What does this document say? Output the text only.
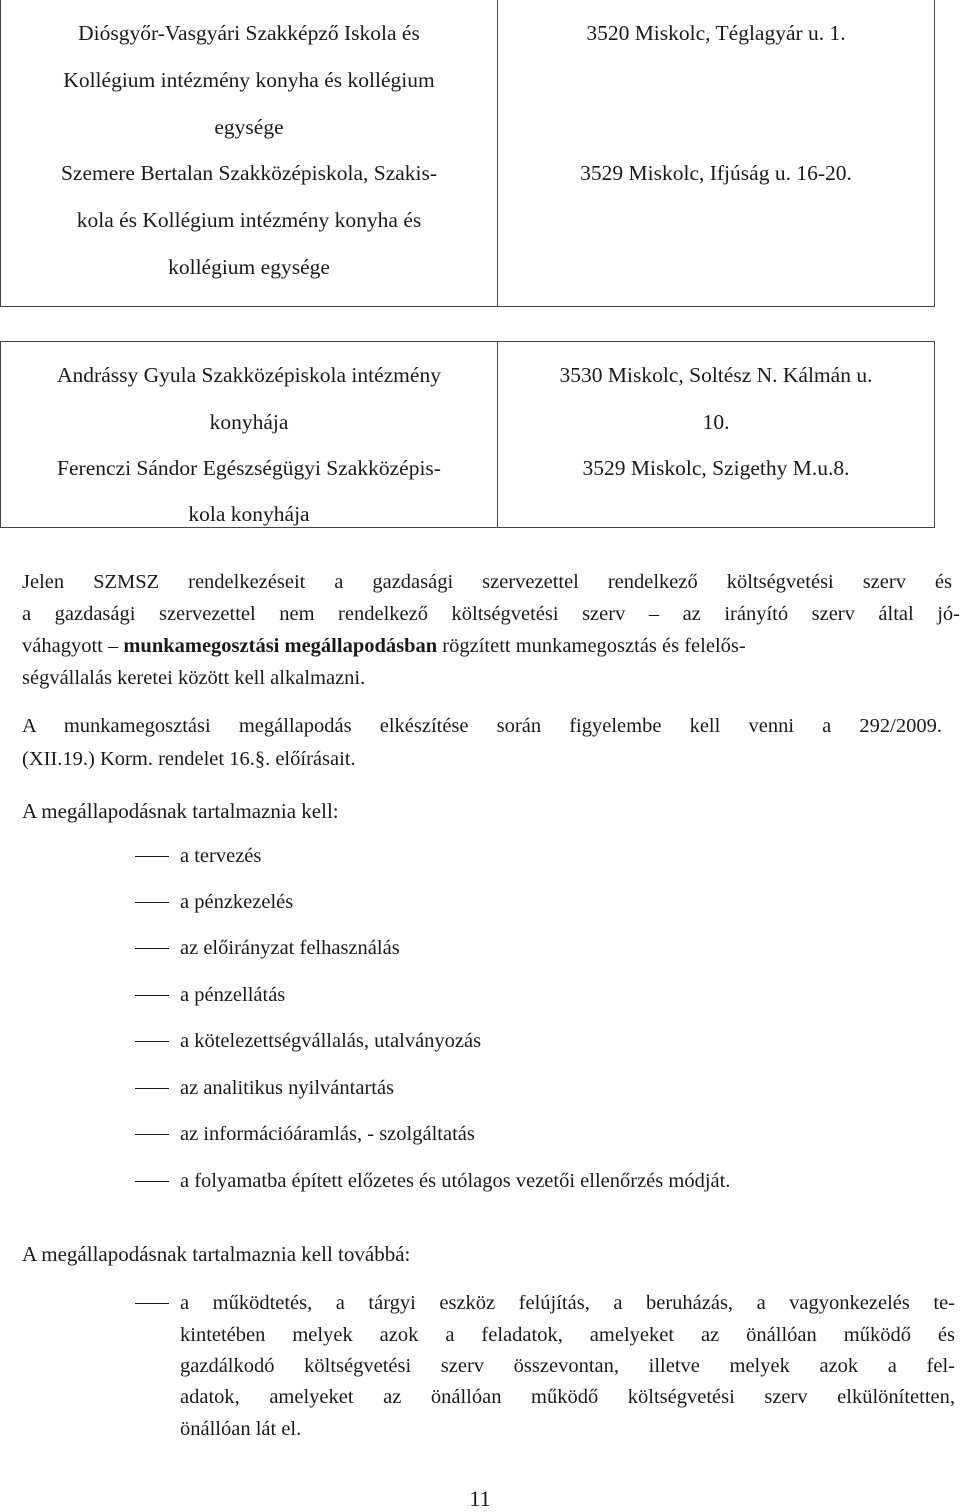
Diósgyőr-Vasgyári Szakképző Iskola és
Kollégium intézmény konyha és kollégium
egysége
Szemere Bertalan Szakközépiskola, Szakis-
kola és Kollégium intézmény konyha és
kollégium egysége
3520 Miskolc, Téglagyár u. 1.
3529 Miskolc, Ifjúság u. 16-20.
Andrássy Gyula Szakközépiskola intézmény
konyhája
Ferenczi Sándor Egészségügyi Szakközépis-
kola konyhája
3530 Miskolc, Soltész N. Kálmán u.
10.
3529 Miskolc, Szigethy M.u.8.
Jelen SZMSZ rendelkezéseit a gazdasági szervezettel rendelkező költségvetési szerv és
a gazdasági szervezettel nem rendelkező költségvetési szerv – az irányító szerv által jó-
váhagyott – munkamegosztási megállapodásban rögzített munkamegosztás és felelős-
ségvállalás keretei között kell alkalmazni.
A munkamegosztási megállapodás elkészítése során figyelembe kell venni a 292/2009.
(XII.19.) Korm. rendelet 16.§. előírásait.
A megállapodásnak tartalmaznia kell:
a tervezés
a pénzkezelés
az előirányzat felhasználás
a pénzellátás
a kötelezettségvállalás, utalványozás
az analitikus nyilvántartás
az információáramlás, - szolgáltatás
a folyamatba épített előzetes és utólagos vezetői ellenőrzés módját.
A megállapodásnak tartalmaznia kell továbbá:
a működtetés, a tárgyi eszköz felújítás, a beruházás, a vagyonkezelés te-
kintetében melyek azok a feladatok, amelyeket az önállóan működő és
gazdálkodó költségvetési szerv összevontan, illetve melyek azok a fel-
adatok, amelyeket az önállóan működő költségvetési szerv elkülönítetten,
önállóan lát el.
11
